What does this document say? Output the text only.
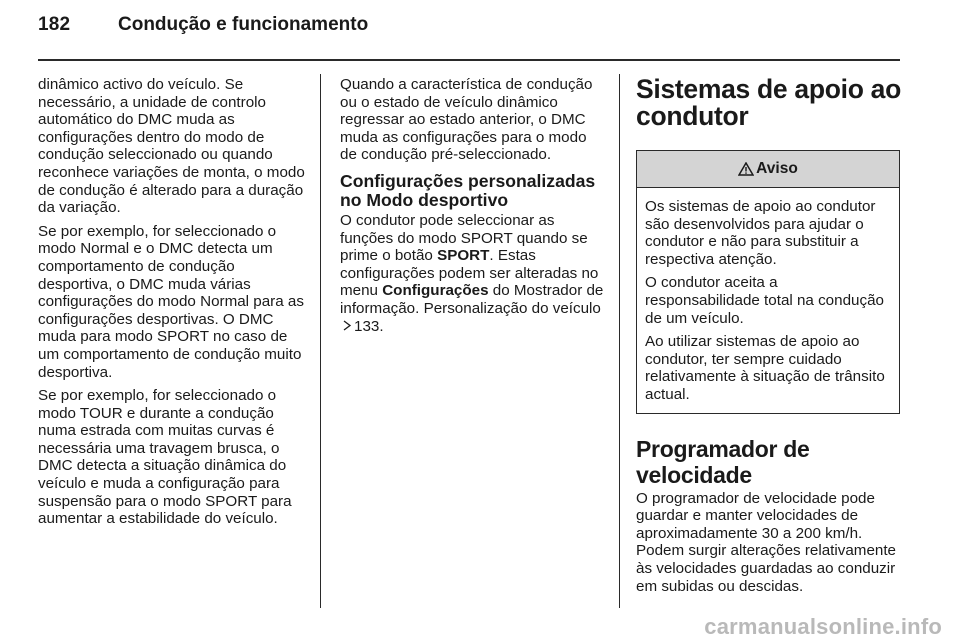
182	Condução e funcionamento

dinâmico activo do veículo. Se necessário, a unidade de controlo automático do DMC muda as configurações dentro do modo de condução seleccionado ou quando reconhece variações de monta, o modo de condução é alterado para a duração da variação.

Se por exemplo, for seleccionado o modo Normal e o DMC detecta um comportamento de condução desportiva, o DMC muda várias configurações do modo Normal para as configurações desportivas. O DMC muda para modo SPORT no caso de um comportamento de condução muito desportiva.

Se por exemplo, for seleccionado o modo TOUR e durante a condução numa estrada com muitas curvas é necessária uma travagem brusca, o DMC detecta a situação dinâmica do veículo e muda a configuração para suspensão para o modo SPORT para aumentar a estabilidade do veículo.

Quando a característica de condução ou o estado de veículo dinâmico regressar ao estado anterior, o DMC muda as configurações para o modo de condução pré-seleccionado.

Configurações personalizadas no Modo desportivo

O condutor pode seleccionar as funções do modo SPORT quando se prime o botão SPORT. Estas configurações podem ser alteradas no menu Configurações do Mostrador de informação. Personalização do veículo 133.

Sistemas de apoio ao condutor
Aviso

Os sistemas de apoio ao condutor são desenvolvidos para ajudar o condutor e não para substituir a respectiva atenção.

O condutor aceita a responsabilidade total na condução de um veículo.

Ao utilizar sistemas de apoio ao condutor, ter sempre cuidado relativamente à situação de trânsito actual.

Programador de velocidade

O programador de velocidade pode guardar e manter velocidades de aproximadamente 30 a 200 km/h. Podem surgir alterações relativamente às velocidades guardadas ao conduzir em subidas ou descidas.

carmanualsonline.info
